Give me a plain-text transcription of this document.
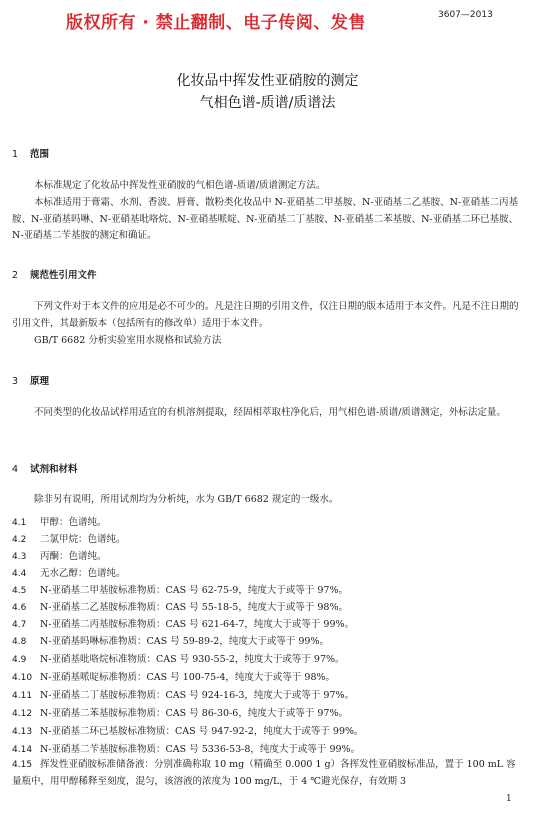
版权所有 · 禁止翻制、电子传阅、发售	3607—2013
化妆品中挥发性亚硝胺的测定
气相色谱-质谱/质谱法
1 范围
本标准规定了化妆品中挥发性亚硝胺的气相色谱-质谱/质谱测定方法。
本标准适用于膏霜、水剂、香波、唇膏、散粉类化妆品中 N-亚硝基二甲基胺、N-亚硝基二乙基胺、N-亚硝基二丙基胺、N-亚硝基吗啉、N-亚硝基吡咯烷、N-亚硝基哌啶、N-亚硝基二丁基胺、N-亚硝基二苯基胺、N-亚硝基二环已基胺、N-亚硝基二苄基胺的测定和确证。
2 规范性引用文件
下列文件对于本文件的应用是必不可少的。凡是注日期的引用文件，仅注日期的版本适用于本文件。凡是不注日期的引用文件，其最新版本（包括所有的修改单）适用于本文件。
GB/T 6682 分析实验室用水规格和试验方法
3 原理
不同类型的化妆品试样用适宜的有机溶剂提取，经固相萃取柱净化后，用气相色谱-质谱/质谱测定，外标法定量。
4 试剂和材料
除非另有说明，所用试剂均为分析纯，水为 GB/T 6682 规定的一级水。
4.1 甲醇：色谱纯。
4.2 二氯甲烷：色谱纯。
4.3 丙酮：色谱纯。
4.4 无水乙醇：色谱纯。
4.5 N-亚硝基二甲基胺标准物质：CAS 号 62-75-9，纯度大于或等于 97%。
4.6 N-亚硝基二乙基胺标准物质：CAS 号 55-18-5，纯度大于或等于 98%。
4.7 N-亚硝基二丙基胺标准物质：CAS 号 621-64-7，纯度大于或等于 99%。
4.8 N-亚硝基吗啉标准物质：CAS 号 59-89-2，纯度大于或等于 99%。
4.9 N-亚硝基吡咯烷标准物质：CAS 号 930-55-2，纯度大于或等于 97%。
4.10 N-亚硝基哌啶标准物质：CAS 号 100-75-4，纯度大于或等于 98%。
4.11 N-亚硝基二丁基胺标准物质：CAS 号 924-16-3，纯度大于或等于 97%。
4.12 N-亚硝基二苯基胺标准物质：CAS 号 86-30-6，纯度大于或等于 97%。
4.13 N-亚硝基二环已基胺标准物质：CAS 号 947-92-2，纯度大于或等于 99%。
4.14 N-亚硝基二苄基胺标准物质：CAS 号 5336-53-8，纯度大于或等于 99%。
4.15 挥发性亚硝胺标准储备液：分别准确称取 10 mg（精确至 0.000 1 g）各挥发性亚硝胺标准品，置于 100 mL 容量瓶中，用甲醇稀释至刻度，混匀，该溶液的浓度为 100 mg/L，于 4 ℃避光保存，有效期 3
1
